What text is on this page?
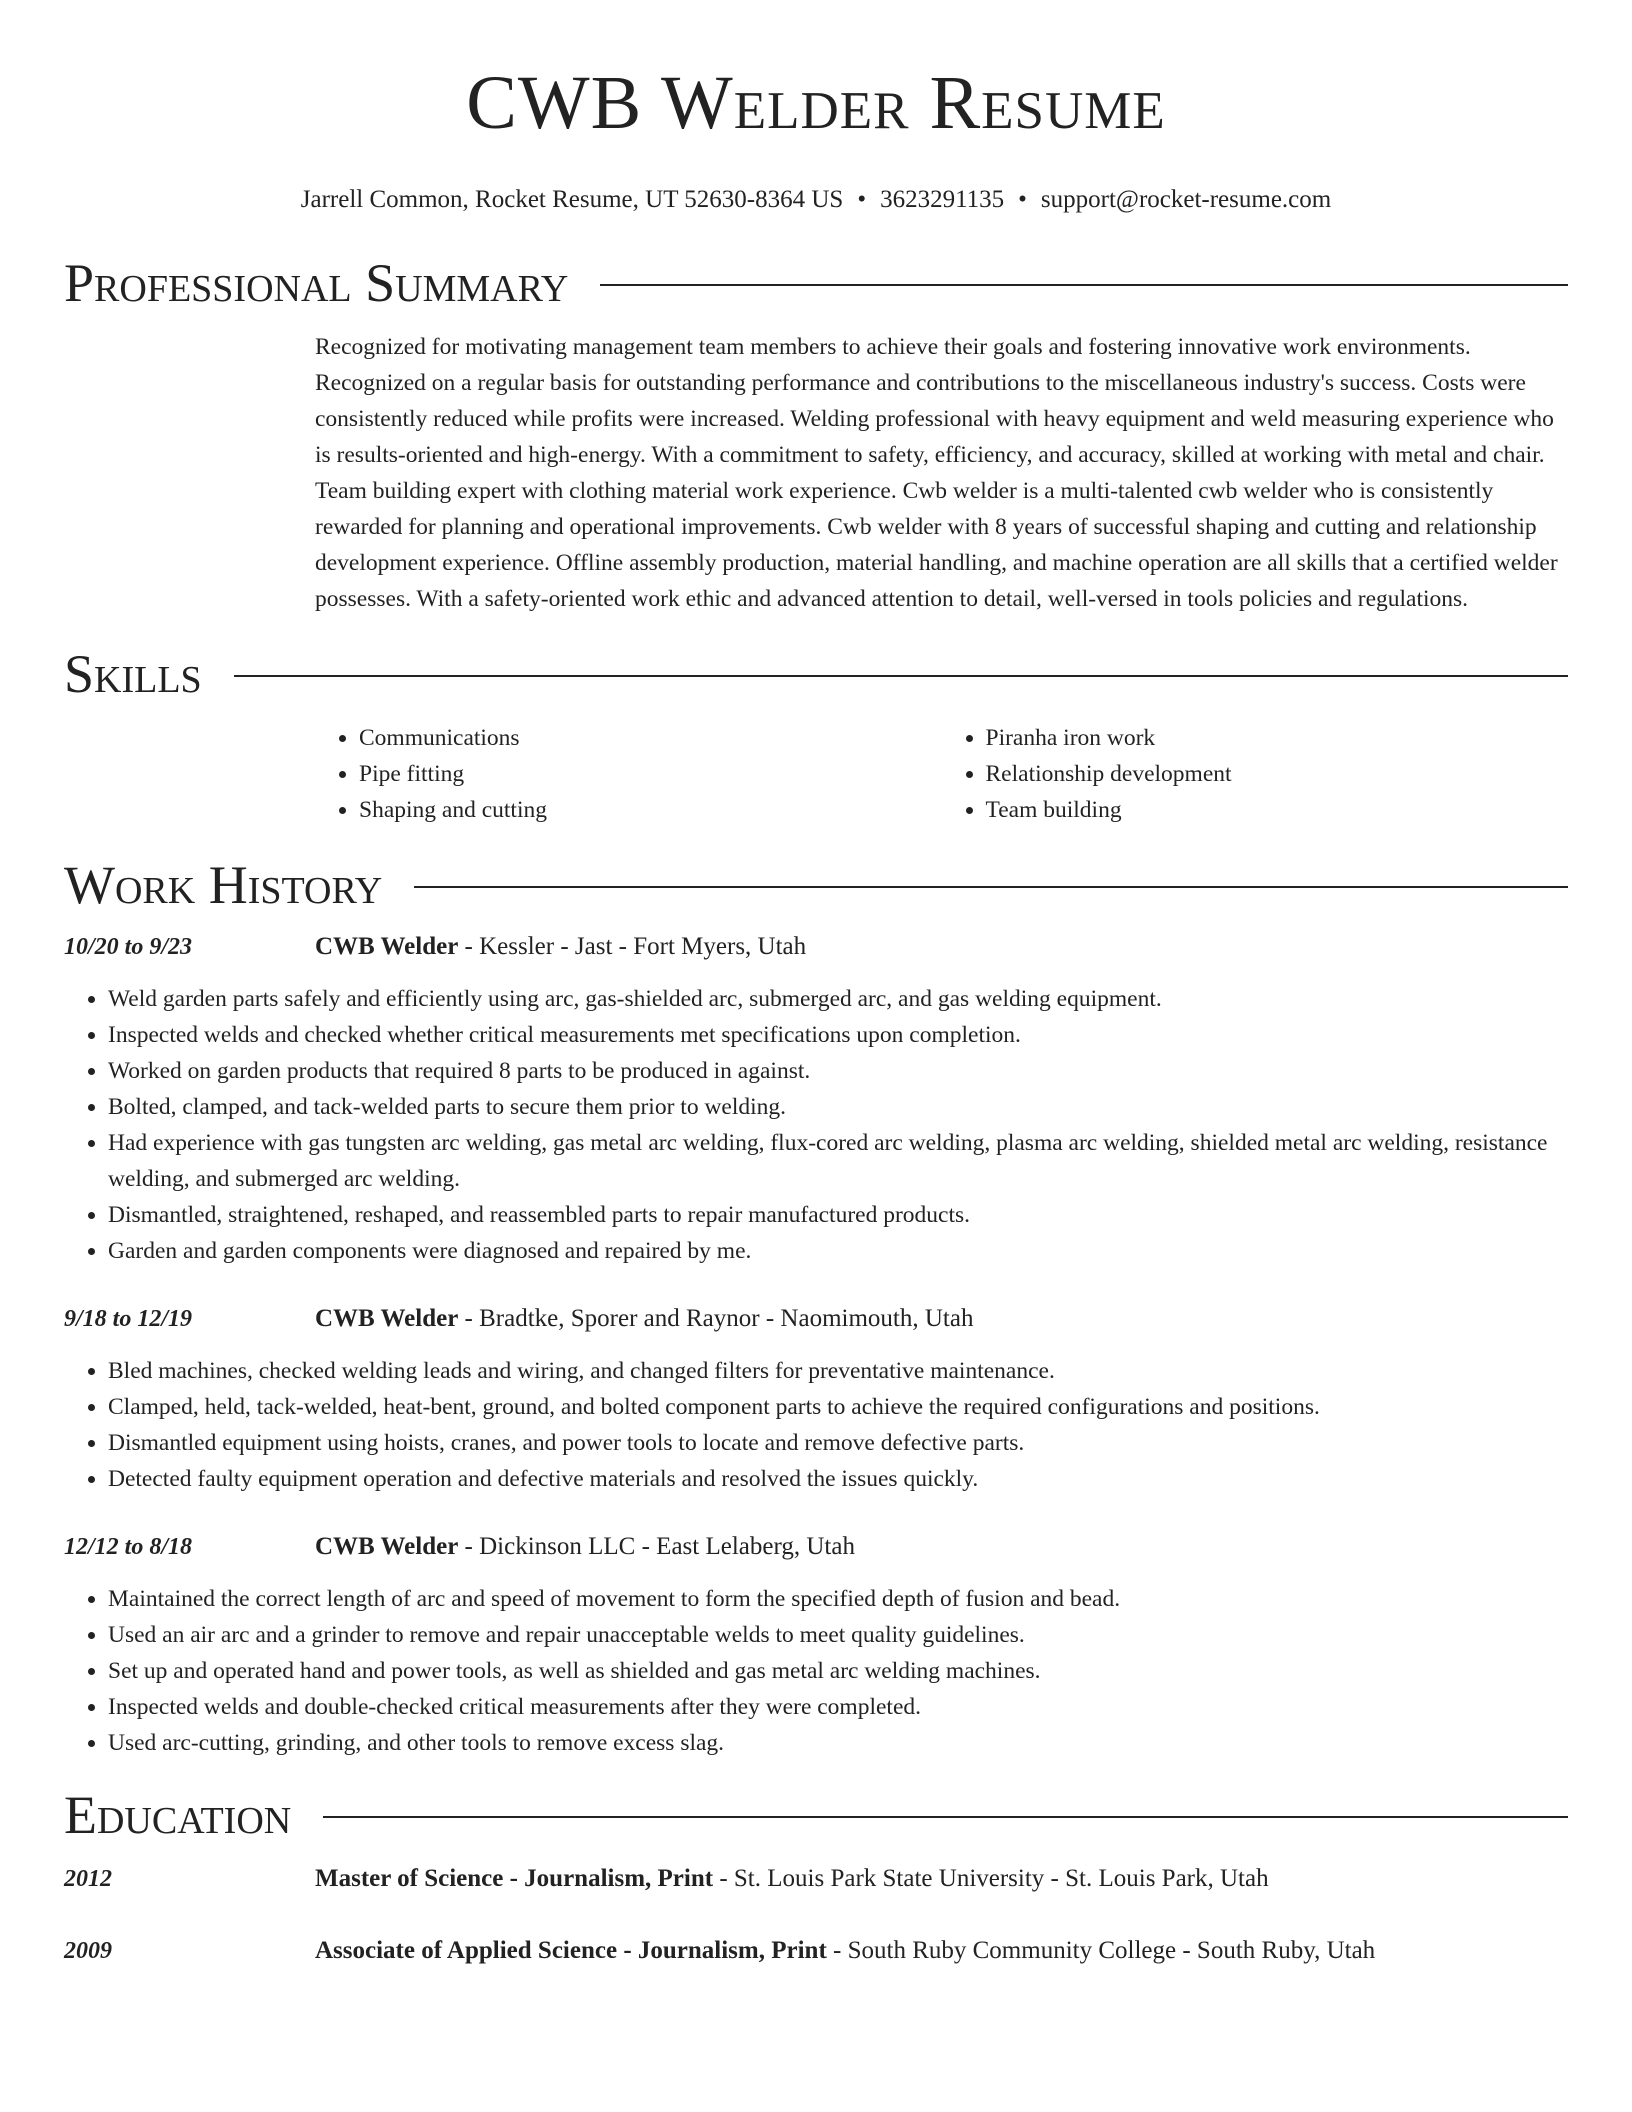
CWB Welder Resume
Jarrell Common, Rocket Resume, UT 52630-8364 US • 3623291135 • support@rocket-resume.com
Professional Summary

Recognized for motivating management team members to achieve their goals and fostering innovative work environments. Recognized on a regular basis for outstanding performance and contributions to the miscellaneous industry's success. Costs were consistently reduced while profits were increased. Welding professional with heavy equipment and weld measuring experience who is results-oriented and high-energy. With a commitment to safety, efficiency, and accuracy, skilled at working with metal and chair. Team building expert with clothing material work experience. Cwb welder is a multi-talented cwb welder who is consistently rewarded for planning and operational improvements. Cwb welder with 8 years of successful shaping and cutting and relationship development experience. Offline assembly production, material handling, and machine operation are all skills that a certified welder possesses. With a safety-oriented work ethic and advanced attention to detail, well-versed in tools policies and regulations.

Skills
• Communications
• Pipe fitting
• Shaping and cutting
• Piranha iron work
• Relationship development
• Team building
Work History
10/20 to 9/23	CWB Welder - Kessler - Jast - Fort Myers, Utah
• Weld garden parts safely and efficiently using arc, gas-shielded arc, submerged arc, and gas welding equipment.
• Inspected welds and checked whether critical measurements met specifications upon completion.
• Worked on garden products that required 8 parts to be produced in against.
• Bolted, clamped, and tack-welded parts to secure them prior to welding.
• Had experience with gas tungsten arc welding, gas metal arc welding, flux-cored arc welding, plasma arc welding, shielded metal arc welding, resistance welding, and submerged arc welding.
• Dismantled, straightened, reshaped, and reassembled parts to repair manufactured products.
• Garden and garden components were diagnosed and repaired by me.
9/18 to 12/19	CWB Welder - Bradtke, Sporer and Raynor - Naomimouth, Utah
• Bled machines, checked welding leads and wiring, and changed filters for preventative maintenance.
• Clamped, held, tack-welded, heat-bent, ground, and bolted component parts to achieve the required configurations and positions.
• Dismantled equipment using hoists, cranes, and power tools to locate and remove defective parts.
• Detected faulty equipment operation and defective materials and resolved the issues quickly.
12/12 to 8/18	CWB Welder - Dickinson LLC - East Lelaberg, Utah
• Maintained the correct length of arc and speed of movement to form the specified depth of fusion and bead.
• Used an air arc and a grinder to remove and repair unacceptable welds to meet quality guidelines.
• Set up and operated hand and power tools, as well as shielded and gas metal arc welding machines.
• Inspected welds and double-checked critical measurements after they were completed.
• Used arc-cutting, grinding, and other tools to remove excess slag.
Education
2012	Master of Science - Journalism, Print - St. Louis Park State University - St. Louis Park, Utah
2009	Associate of Applied Science - Journalism, Print - South Ruby Community College - South Ruby, Utah
